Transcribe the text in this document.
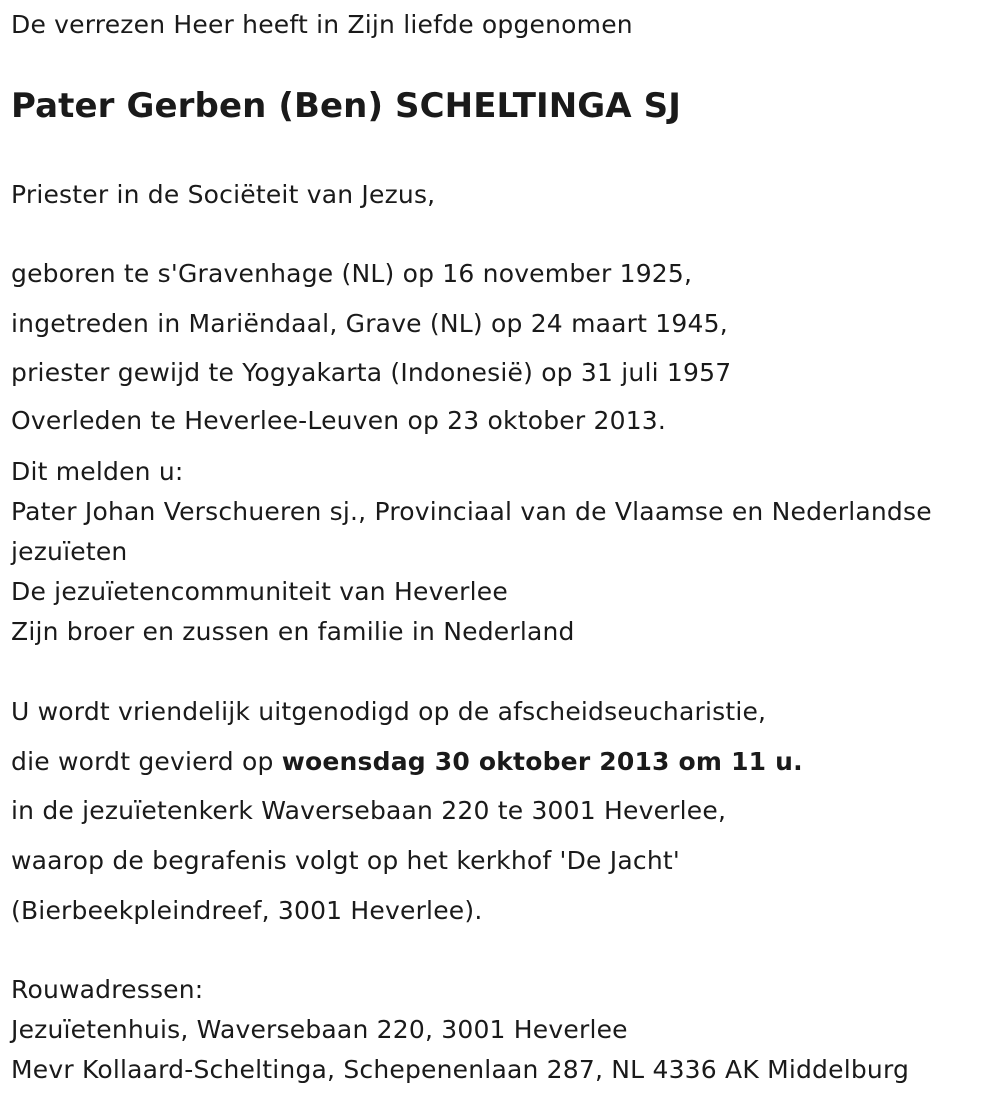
De verrezen Heer heeft in Zijn liefde opgenomen
Pater Gerben (Ben) SCHELTINGA SJ
Priester in de Sociëteit van Jezus,
geboren te s'Gravenhage (NL) op 16 november 1925,
ingetreden in Mariëndaal, Grave (NL) op 24 maart 1945,
priester gewijd te Yogyakarta (Indonesië) op 31 juli 1957
Overleden te Heverlee-Leuven op 23 oktober 2013.
Dit melden u:
Pater Johan Verschueren sj., Provinciaal van de Vlaamse en Nederlandse
jezuïeten
De jezuïetencommuniteit van Heverlee
Zijn broer en zussen en familie in Nederland
U wordt vriendelijk uitgenodigd op de afscheidseucharistie,
die wordt gevierd op woensdag 30 oktober 2013 om 11 u.
in de jezuïetenkerk Waversebaan 220 te 3001 Heverlee,
waarop de begrafenis volgt op het kerkhof 'De Jacht'
(Bierbeekpleindreef, 3001 Heverlee).
Rouwadressen:
Jezuïetenhuis, Waversebaan 220, 3001 Heverlee
Mevr Kollaard-Scheltinga, Schepenenlaan 287, NL 4336 AK Middelburg
